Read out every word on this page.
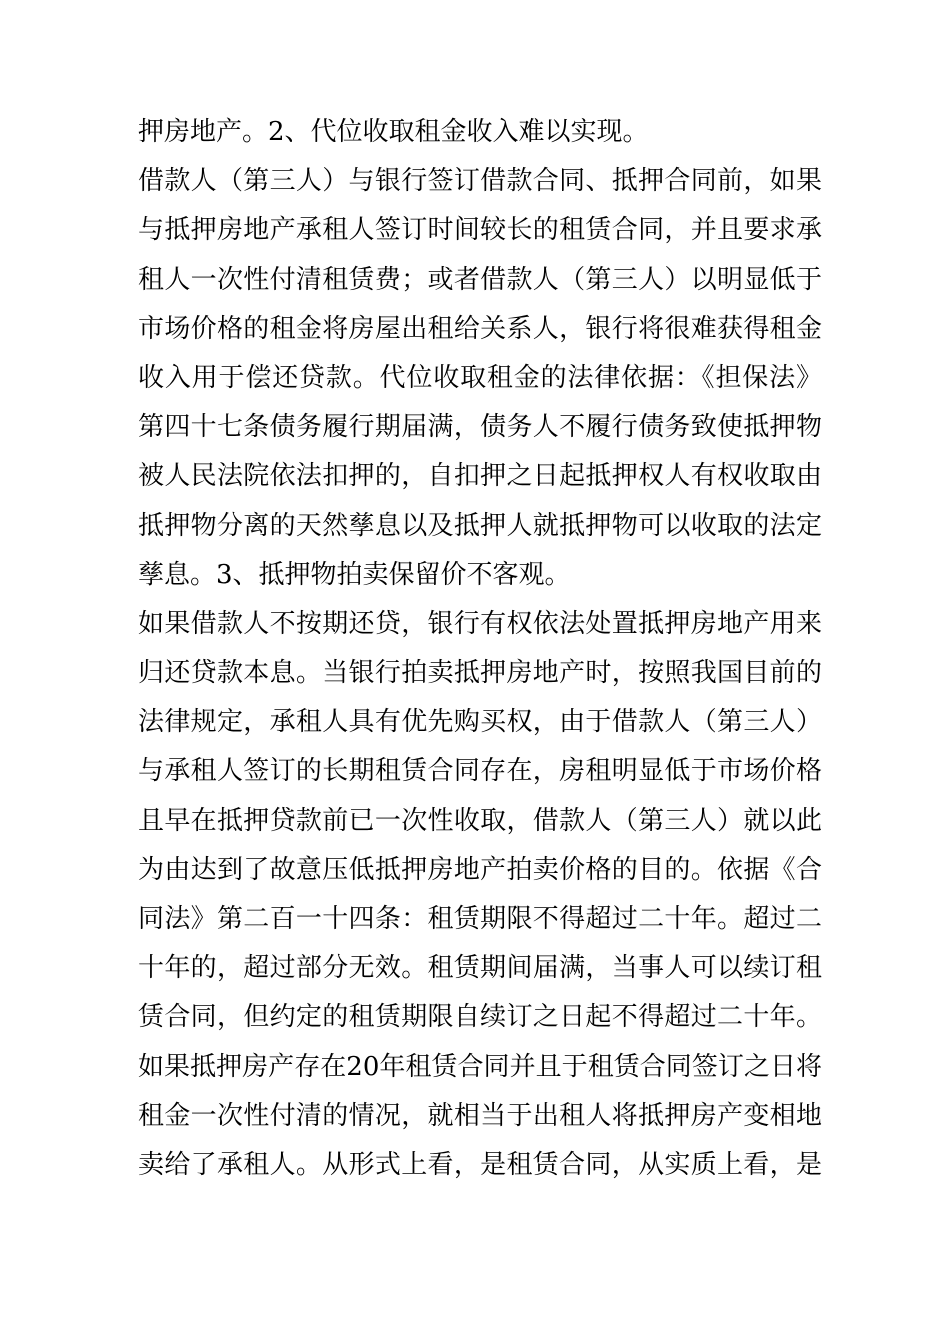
押房地产。2、代位收取租金收入难以实现。
借款人（第三人）与银行签订借款合同、抵押合同前，如果
与抵押房地产承租人签订时间较长的租赁合同，并且要求承
租人一次性付清租赁费；或者借款人（第三人）以明显低于
市场价格的租金将房屋出租给关系人，银行将很难获得租金
收入用于偿还贷款。代位收取租金的法律依据：《担保法》
第四十七条债务履行期届满，债务人不履行债务致使抵押物
被人民法院依法扣押的，自扣押之日起抵押权人有权收取由
抵押物分离的天然孳息以及抵押人就抵押物可以收取的法定
孳息。3、抵押物拍卖保留价不客观。
如果借款人不按期还贷，银行有权依法处置抵押房地产用来
归还贷款本息。当银行拍卖抵押房地产时，按照我国目前的
法律规定，承租人具有优先购买权，由于借款人（第三人）
与承租人签订的长期租赁合同存在，房租明显低于市场价格
且早在抵押贷款前已一次性收取，借款人（第三人）就以此
为由达到了故意压低抵押房地产拍卖价格的目的。依据《合
同法》第二百一十四条：租赁期限不得超过二十年。超过二
十年的，超过部分无效。租赁期间届满，当事人可以续订租
赁合同，但约定的租赁期限自续订之日起不得超过二十年。
如果抵押房产存在20年租赁合同并且于租赁合同签订之日将
租金一次性付清的情况，就相当于出租人将抵押房产变相地
卖给了承租人。从形式上看，是租赁合同，从实质上看，是
